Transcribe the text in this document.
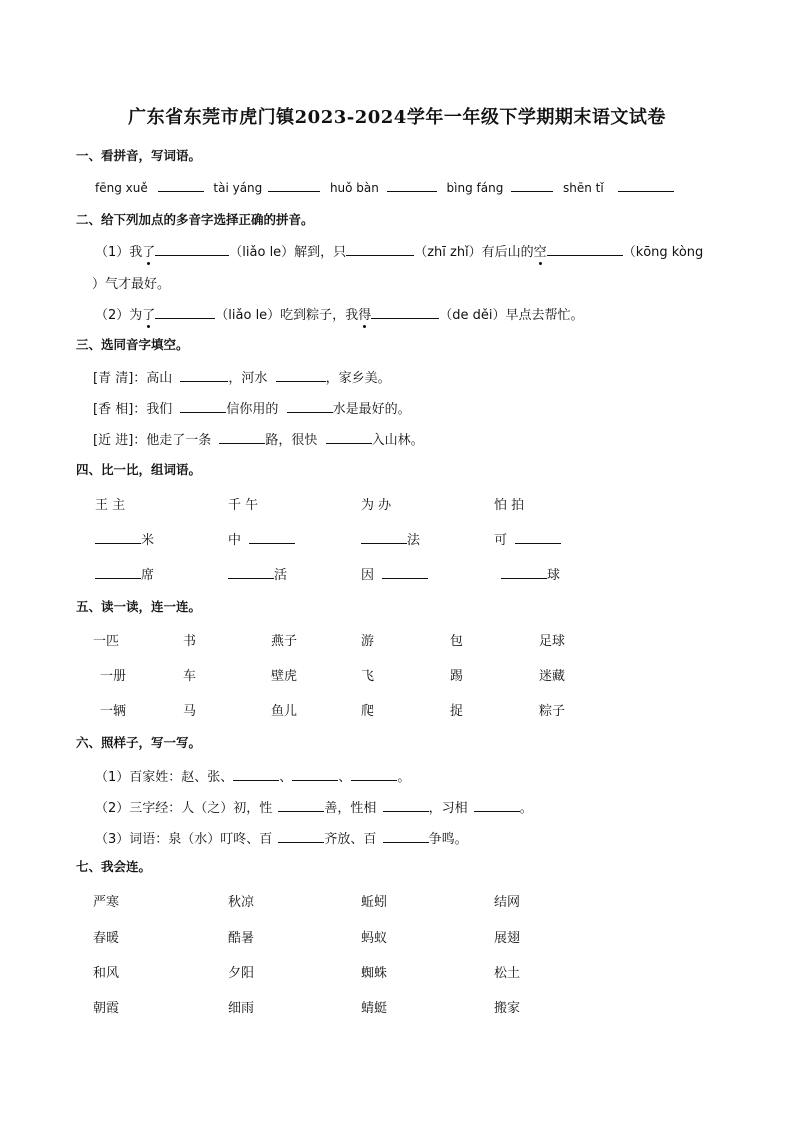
广东省东莞市虎门镇2023-2024学年一年级下学期期末语文试卷
一、看拼音，写词语。
fēng xuě	tài yáng	huǒ bàn	bìng fáng	shēn tǐ
二、给下列加点的多音字选择正确的拼音。
（1）我了	（liǎo le）解到，只	（zhī zhǐ）有后山的空	（kōng kòng
）气才最好。
（2）为了	（liǎo le）吃到粽子，我得	（de děi）早点去帮忙。
三、选同音字填空。
[青 清]：高山	，河水	，家乡美。
[香 相]：我们	信你用的	水是最好的。
[近 进]：他走了一条	路，很快	入山林。
四、比一比，组词语。
王 主	千 午	为 办	怕 拍
米	中	法	可
席	活	因	球
五、读一读，连一连。
一匹	书	燕子	游	包	足球
一册	车	壁虎	飞	踢	迷藏
一辆	马	鱼儿	爬	捉	粽子
六、照样子，写一写。
（1）百家姓：赵、张、	、	、	。
（2）三字经：人（之）初，性	善，性相	，习相	。
（3）词语：泉（水）叮咚、百	齐放、百	争鸣。
七、我会连。
严寒	秋凉	蚯蚓	结网
春暖	酷暑	蚂蚁	展翅
和风	夕阳	蜘蛛	松土
朝霞	细雨	蜻蜓	搬家
